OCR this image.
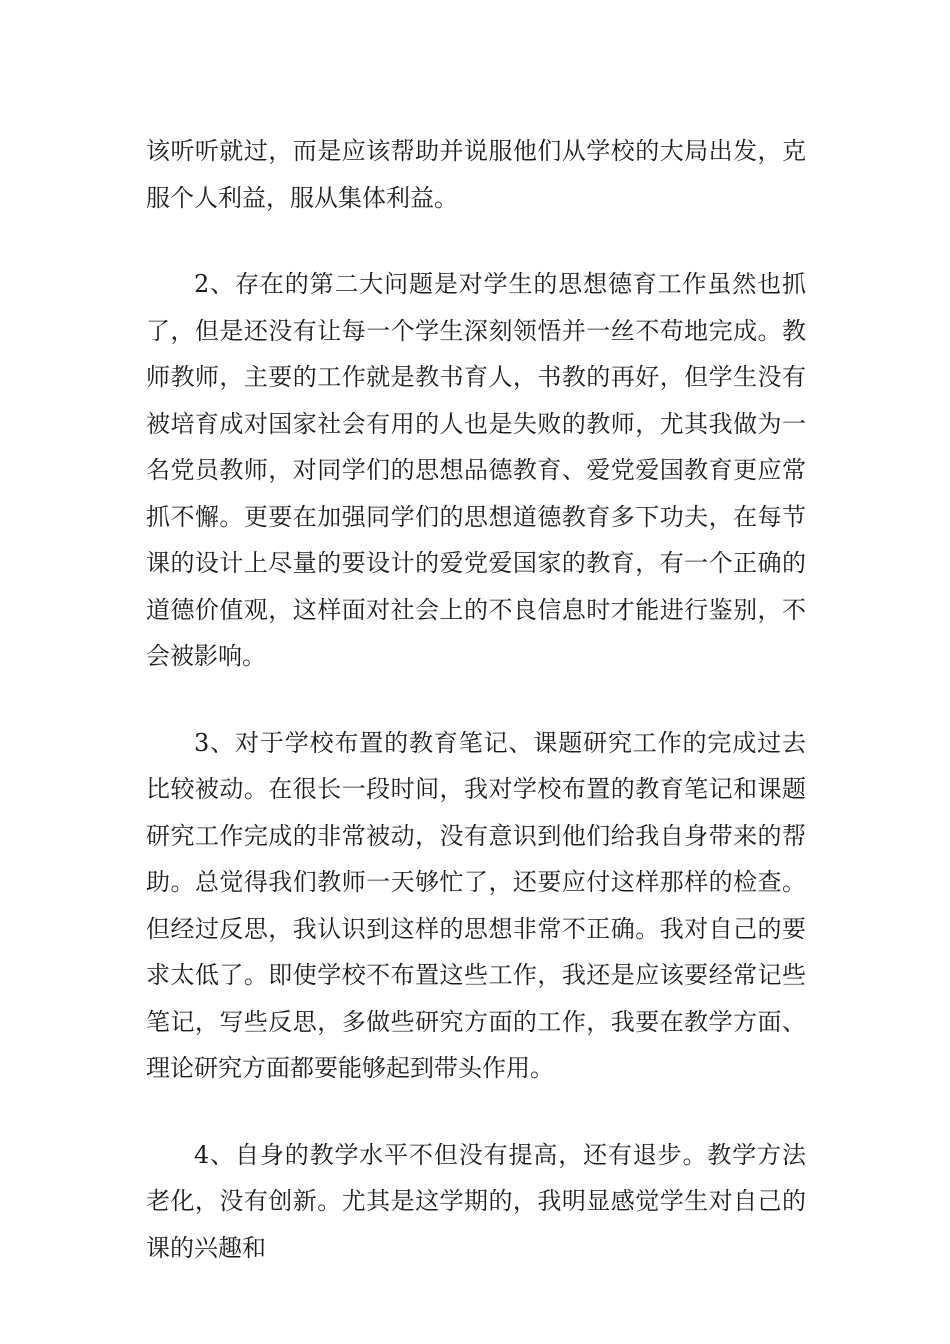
该听听就过，而是应该帮助并说服他们从学校的大局出发，克服个人利益，服从集体利益。

2、存在的第二大问题是对学生的思想德育工作虽然也抓了，但是还没有让每一个学生深刻领悟并一丝不苟地完成。教师教师，主要的工作就是教书育人，书教的再好，但学生没有被培育成对国家社会有用的人也是失败的教师，尤其我做为一名党员教师，对同学们的思想品德教育、爱党爱国教育更应常抓不懈。更要在加强同学们的思想道德教育多下功夫，在每节课的设计上尽量的要设计的爱党爱国家的教育，有一个正确的道德价值观，这样面对社会上的不良信息时才能进行鉴别，不会被影响。

3、对于学校布置的教育笔记、课题研究工作的完成过去比较被动。在很长一段时间，我对学校布置的教育笔记和课题研究工作完成的非常被动，没有意识到他们给我自身带来的帮助。总觉得我们教师一天够忙了，还要应付这样那样的检查。但经过反思，我认识到这样的思想非常不正确。我对自己的要求太低了。即使学校不布置这些工作，我还是应该要经常记些笔记，写些反思，多做些研究方面的工作，我要在教学方面、理论研究方面都要能够起到带头作用。

4、自身的教学水平不但没有提高，还有退步。教学方法老化，没有创新。尤其是这学期的，我明显感觉学生对自己的课的兴趣和
